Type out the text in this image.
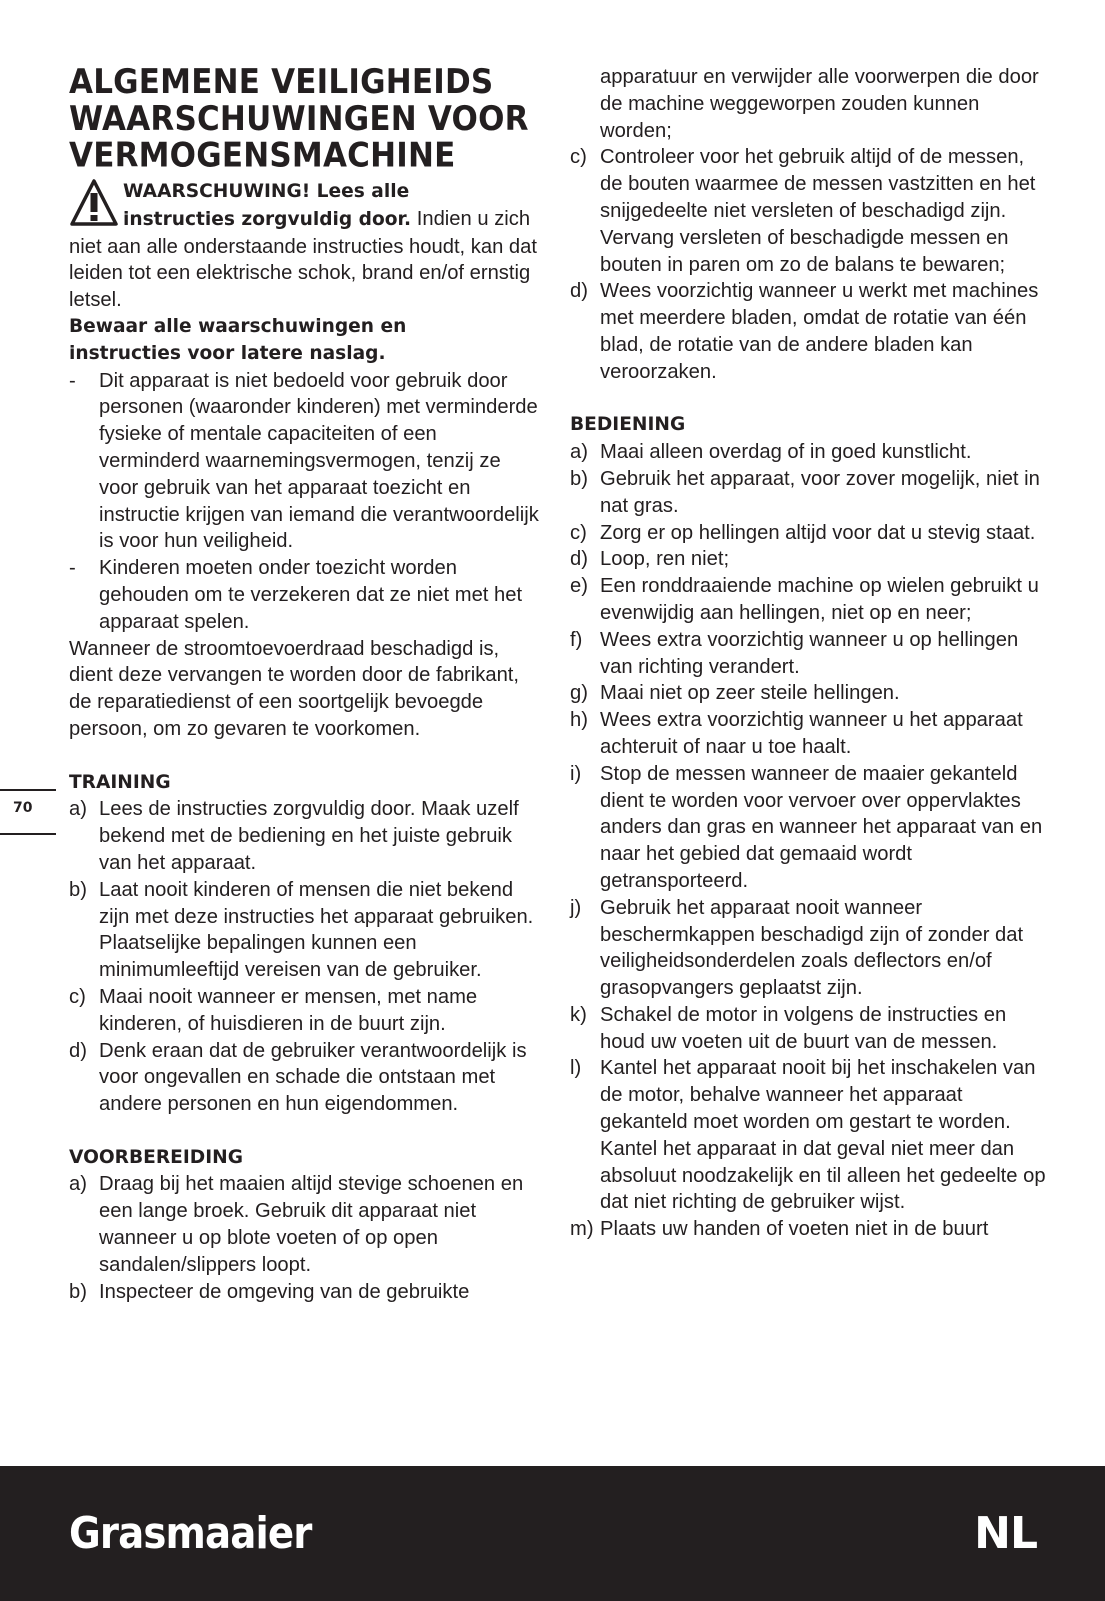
ALGEMENE VEILIGHEIDS
WAARSCHUWINGEN VOOR
VERMOGENSMACHINE

WAARSCHUWING! Lees alle
instructies zorgvuldig door. Indien u zich niet aan alle onderstaande instructies houdt, kan dat leiden tot een elektrische schok, brand en/of ernstig letsel.

Bewaar alle waarschuwingen en
instructies voor latere naslag.

- Dit apparaat is niet bedoeld voor gebruik door personen (waaronder kinderen) met verminderde fysieke of mentale capaciteiten of een verminderd waarnemingsvermogen, tenzij ze voor gebruik van het apparaat toezicht en instructie krijgen van iemand die verantwoordelijk is voor hun veiligheid.
- Kinderen moeten onder toezicht worden gehouden om te verzekeren dat ze niet met het apparaat spelen.

Wanneer de stroomtoevoerdraad beschadigd is, dient deze vervangen te worden door de fabrikant, de reparatiedienst of een soortgelijk bevoegde persoon, om zo gevaren te voorkomen.

TRAINING
a) Lees de instructies zorgvuldig door. Maak uzelf bekend met de bediening en het juiste gebruik van het apparaat.
b) Laat nooit kinderen of mensen die niet bekend zijn met deze instructies het apparaat gebruiken. Plaatselijke bepalingen kunnen een minimumleeftijd vereisen van de gebruiker.
c) Maai nooit wanneer er mensen, met name kinderen, of huisdieren in de buurt zijn.
d) Denk eraan dat de gebruiker verantwoordelijk is voor ongevallen en schade die ontstaan met andere personen en hun eigendommen.
VOORBEREIDING
a) Draag bij het maaien altijd stevige schoenen en een lange broek. Gebruik dit apparaat niet wanneer u op blote voeten of op open sandalen/slippers loopt.
b) Inspecteer de omgeving van de gebruikte
apparatuur en verwijder alle voorwerpen die door de machine weggeworpen zouden kunnen worden;
c) Controleer voor het gebruik altijd of de messen, de bouten waarmee de messen vastzitten en het snijgedeelte niet versleten of beschadigd zijn. Vervang versleten of beschadigde messen en bouten in paren om zo de balans te bewaren;
d) Wees voorzichtig wanneer u werkt met machines met meerdere bladen, omdat de rotatie van één blad, de rotatie van de andere bladen kan veroorzaken.
BEDIENING
a) Maai alleen overdag of in goed kunstlicht.
b) Gebruik het apparaat, voor zover mogelijk, niet in nat gras.
c) Zorg er op hellingen altijd voor dat u stevig staat.
d) Loop, ren niet;
e) Een ronddraaiende machine op wielen gebruikt u evenwijdig aan hellingen, niet op en neer;
f) Wees extra voorzichtig wanneer u op hellingen van richting verandert.
g) Maai niet op zeer steile hellingen.
h) Wees extra voorzichtig wanneer u het apparaat achteruit of naar u toe haalt.
i) Stop de messen wanneer de maaier gekanteld dient te worden voor vervoer over oppervlaktes anders dan gras en wanneer het apparaat van en naar het gebied dat gemaaid wordt getransporteerd.
j) Gebruik het apparaat nooit wanneer beschermkappen beschadigd zijn of zonder dat veiligheidsonderdelen zoals deflectors en/of grasopvangers geplaatst zijn.
k) Schakel de motor in volgens de instructies en houd uw voeten uit de buurt van de messen.
l) Kantel het apparaat nooit bij het inschakelen van de motor, behalve wanneer het apparaat gekanteld moet worden om gestart te worden. Kantel het apparaat in dat geval niet meer dan absoluut noodzakelijk en til alleen het gedeelte op dat niet richting de gebruiker wijst.
m) Plaats uw handen of voeten niet in de buurt
70
Grasmaaier	NL
